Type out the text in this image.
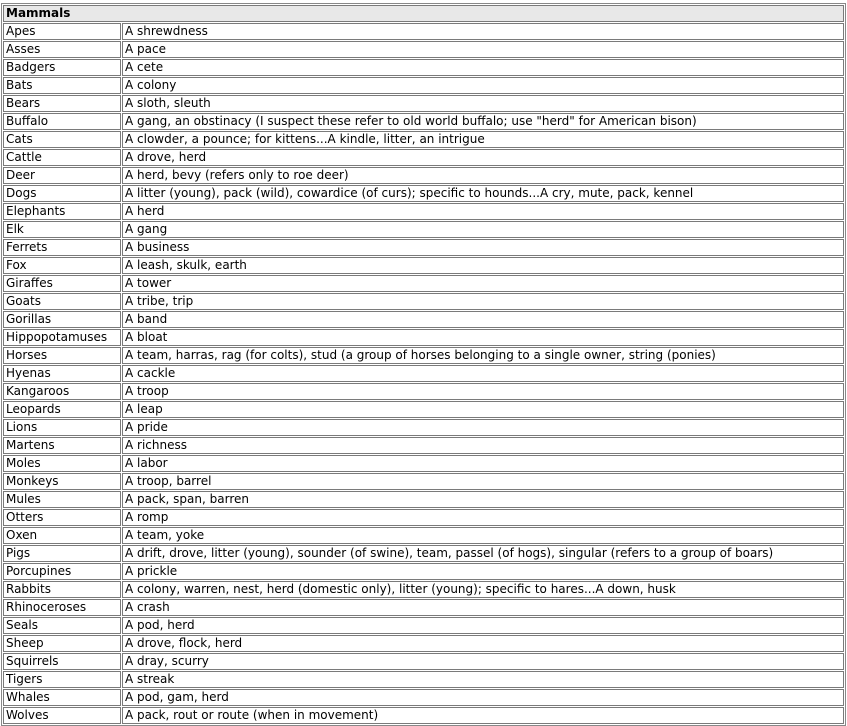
Mammals	
Apes	A shrewdness
Asses	A pace
Badgers	A cete
Bats	A colony
Bears	A sloth, sleuth
Buffalo	A gang, an obstinacy (I suspect these refer to old world buffalo; use "herd" for American bison)
Cats	A clowder, a pounce; for kittens...A kindle, litter, an intrigue
Cattle	A drove, herd
Deer	A herd, bevy (refers only to roe deer)
Dogs	A litter (young), pack (wild), cowardice (of curs); specific to hounds...A cry, mute, pack, kennel
Elephants	A herd
Elk	A gang
Ferrets	A business
Fox	A leash, skulk, earth
Giraffes	A tower
Goats	A tribe, trip
Gorillas	A band
Hippopotamuses	A bloat
Horses	A team, harras, rag (for colts), stud (a group of horses belonging to a single owner, string (ponies)
Hyenas	A cackle
Kangaroos	A troop
Leopards	A leap
Lions	A pride
Martens	A richness
Moles	A labor
Monkeys	A troop, barrel
Mules	A pack, span, barren
Otters	A romp
Oxen	A team, yoke
Pigs	A drift, drove, litter (young), sounder (of swine), team, passel (of hogs), singular (refers to a group of boars)
Porcupines	A prickle
Rabbits	A colony, warren, nest, herd (domestic only), litter (young); specific to hares...A down, husk
Rhinoceroses	A crash
Seals	A pod, herd
Sheep	A drove, flock, herd
Squirrels	A dray, scurry
Tigers	A streak
Whales	A pod, gam, herd
Wolves	A pack, rout or route (when in movement)
